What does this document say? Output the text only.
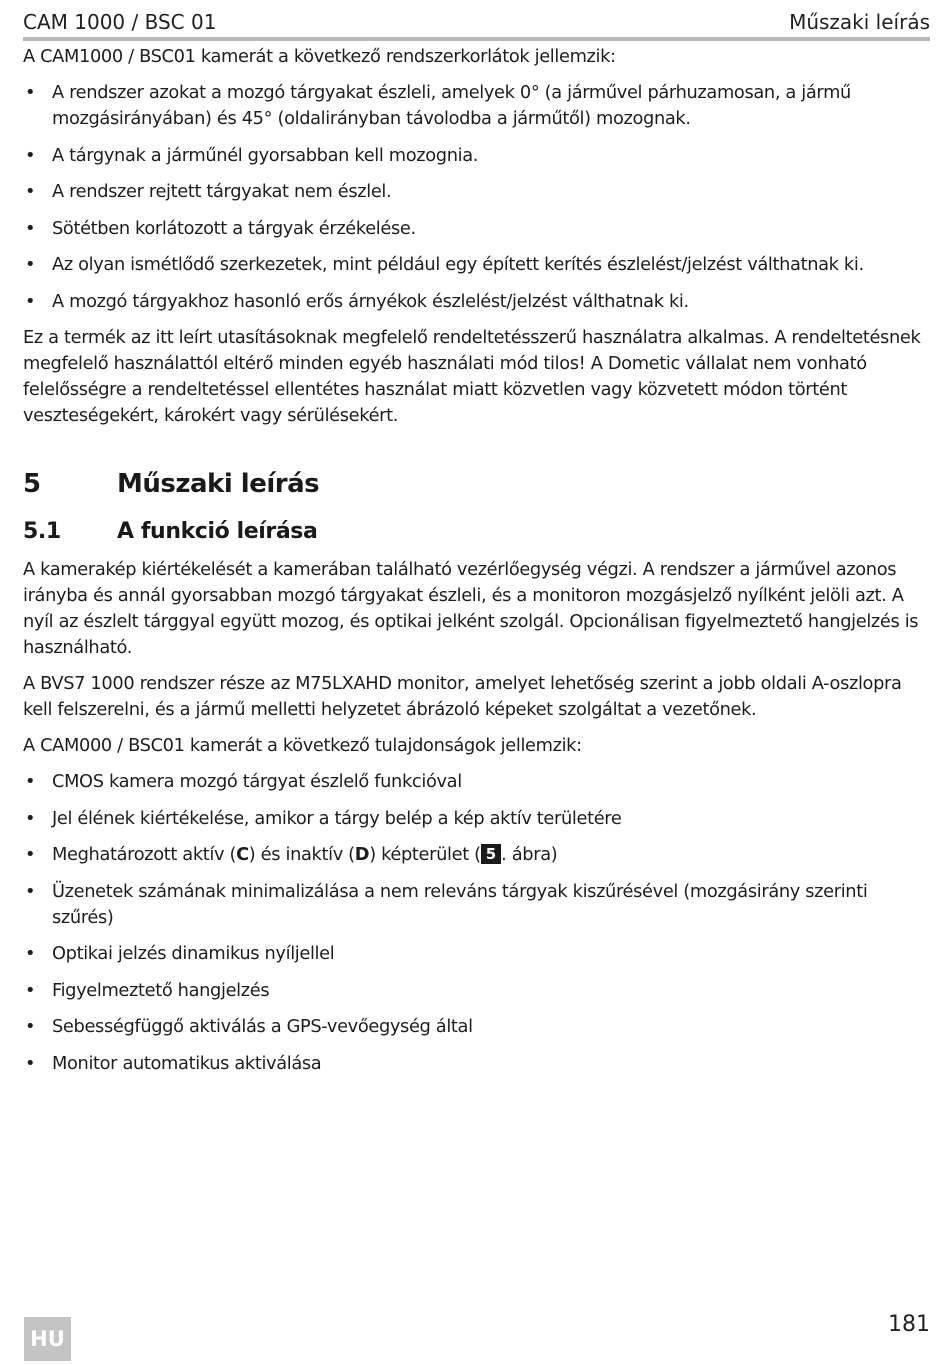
CAM 1000 / BSC 01	Műszaki leírás

A CAM1000 / BSC01 kamerát a következő rendszerkorlátok jellemzik:

• A rendszer azokat a mozgó tárgyakat észleli, amelyek 0° (a járművel párhuzamosan, a jármű mozgásirányában) és 45° (oldalirányban távolodba a járműtől) mozognak.
• A tárgynak a járműnél gyorsabban kell mozognia.
• A rendszer rejtett tárgyakat nem észlel.
• Sötétben korlátozott a tárgyak érzékelése.
• Az olyan ismétlődő szerkezetek, mint például egy épített kerítés észlelést/jelzést válthatnak ki.
• A mozgó tárgyakhoz hasonló erős árnyékok észlelést/jelzést válthatnak ki.

Ez a termék az itt leírt utasításoknak megfelelő rendeltetésszerű használatra alkalmas. A rendeltetésnek megfelelő használattól eltérő minden egyéb használati mód tilos! A Dometic vállalat nem vonható felelősségre a rendeltetéssel ellentétes használat miatt közvetlen vagy közvetett módon történt veszteségekért, károkért vagy sérülésekért.

5	Műszaki leírás
5.1	A funkció leírása

A kamerakép kiértékelését a kamerában található vezérlőegység végzi. A rendszer a járművel azonos irányba és annál gyorsabban mozgó tárgyakat észleli, és a monitoron mozgásjelző nyílként jelöli azt. A nyíl az észlelt tárggyal együtt mozog, és optikai jelként szolgál. Opcionálisan figyelmeztető hangjelzés is használható.

A BVS7 1000 rendszer része az M75LXAHD monitor, amelyet lehetőség szerint a jobb oldali A-oszlopra kell felszerelni, és a jármű melletti helyzetet ábrázoló képeket szolgáltat a vezetőnek.

A CAM000 / BSC01 kamerát a következő tulajdonságok jellemzik:

• CMOS kamera mozgó tárgyat észlelő funkcióval
• Jel élének kiértékelése, amikor a tárgy belép a kép aktív területére
• Meghatározott aktív (C) és inaktív (D) képterület ( 5 . ábra)
• Üzenetek számának minimalizálása a nem releváns tárgyak kiszűrésével (mozgásirány szerinti szűrés)
• Optikai jelzés dinamikus nyíljellel
• Figyelmeztető hangjelzés
• Sebességfüggő aktiválás a GPS-vevőegység által
• Monitor automatikus aktiválása
HU
181
